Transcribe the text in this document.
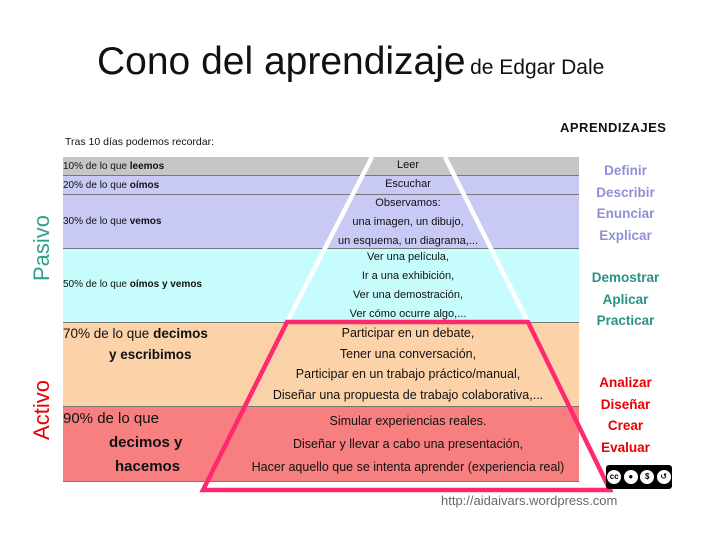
Cono del aprendizaje de Edgar Dale
Tras 10 días podemos recordar:
APRENDIZAJES
Pasivo
Activo
10% de lo que leemos
20% de lo que oímos
30% de lo que vemos
50% de lo que oímos y vemos
70% de lo que decimos
y escribimos
90% de lo que
decimos y
hacemos
Leer
Escuchar
Observamos:
una imagen, un dibujo,
un esquema, un diagrama,...
Ver una película,
Ir a una exhibición,
Ver una demostración,
Ver cómo ocurre algo,...
Participar en un debate,
Tener una conversación,
Participar en un trabajo práctico/manual,
Diseñar una propuesta de trabajo colaborativa,...
Simular experiencias reales.
Diseñar y llevar a cabo una presentación,
Hacer aquello que se intenta aprender (experiencia real)
Definir
Describir
Enunciar
Explicar
Demostrar
Aplicar
Practicar
Analizar
Diseñar
Crear
Evaluar
cc	●	$	↺
http://aidaivars.wordpress.com
